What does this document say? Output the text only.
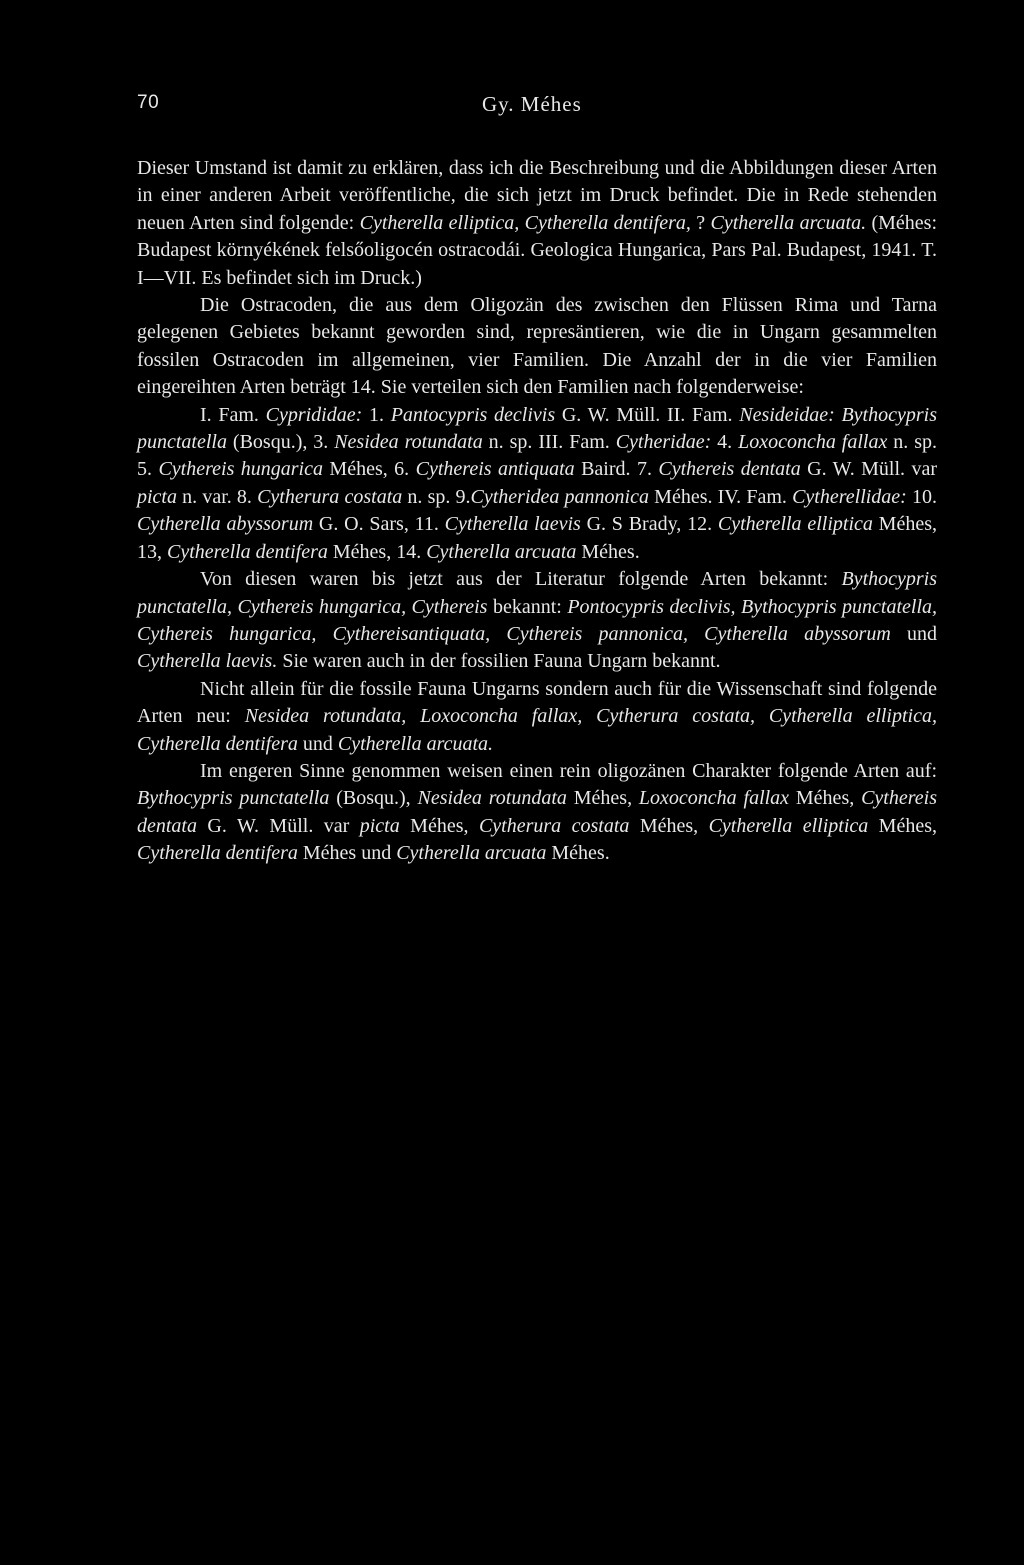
70	Gy. Méhes

Dieser Umstand ist damit zu erklären, dass ich die Beschreibung und die Abbildungen dieser Arten in einer anderen Arbeit veröffentliche, die sich jetzt im Druck befindet. Die in Rede stehenden neuen Arten sind folgende: Cytherella elliptica, Cytherella dentifera, ? Cytherella arcuata. (Méhes: Budapest környékének felsőoligocén ostracodái. Geologica Hungarica, Pars Pal. Budapest, 1941. T. I—VII. Es befindet sich im Druck.)

Die Ostracoden, die aus dem Oligozän des zwischen den Flüssen Rima und Tarna gelegenen Gebietes bekannt geworden sind, represäntieren, wie die in Ungarn gesammelten fossilen Ostracoden im allgemeinen, vier Familien. Die Anzahl der in die vier Familien eingereihten Arten beträgt 14. Sie verteilen sich den Familien nach folgenderweise:

I. Fam. Cyprididae: 1. Pantocypris declivis G. W. Müll. II. Fam. Nesideidae: Bythocypris punctatella (Bosqu.), 3. Nesidea rotundata n. sp. III. Fam. Cytheridae: 4. Loxoconcha fallax n. sp. 5. Cythereis hungarica Méhes, 6. Cythereis antiquata Baird. 7. Cythereis dentata G. W. Müll. var picta n. var. 8. Cytherura costata n. sp. 9.Cytheridea pannonica Méhes. IV. Fam. Cytherellidae: 10. Cytherella abyssorum G. O. Sars, 11. Cytherella laevis G. S Brady, 12. Cytherella elliptica Méhes, 13, Cytherella dentifera Méhes, 14. Cytherella arcuata Méhes.

Von diesen waren bis jetzt aus der Literatur folgende Arten bekannt: Bythocypris punctatella, Cythereis hungarica, Cythereis bekannt: Pontocypris declivis, Bythocypris punctatella, Cythereis hungarica, Cythereisantiquata, Cythereis pannonica, Cytherella abyssorum und Cytherella laevis. Sie waren auch in der fossilien Fauna Ungarn bekannt.

Nicht allein für die fossile Fauna Ungarns sondern auch für die Wissenschaft sind folgende Arten neu: Nesidea rotundata, Loxoconcha fallax, Cytherura costata, Cytherella elliptica, Cytherella dentifera und Cytherella arcuata.

Im engeren Sinne genommen weisen einen rein oligozänen Charakter folgende Arten auf: Bythocypris punctatella (Bosqu.), Nesidea rotundata Méhes, Loxoconcha fallax Méhes, Cythereis dentata G. W. Müll. var picta Méhes, Cytherura costata Méhes, Cytherella elliptica Méhes, Cytherella dentifera Méhes und Cytherella arcuata Méhes.
